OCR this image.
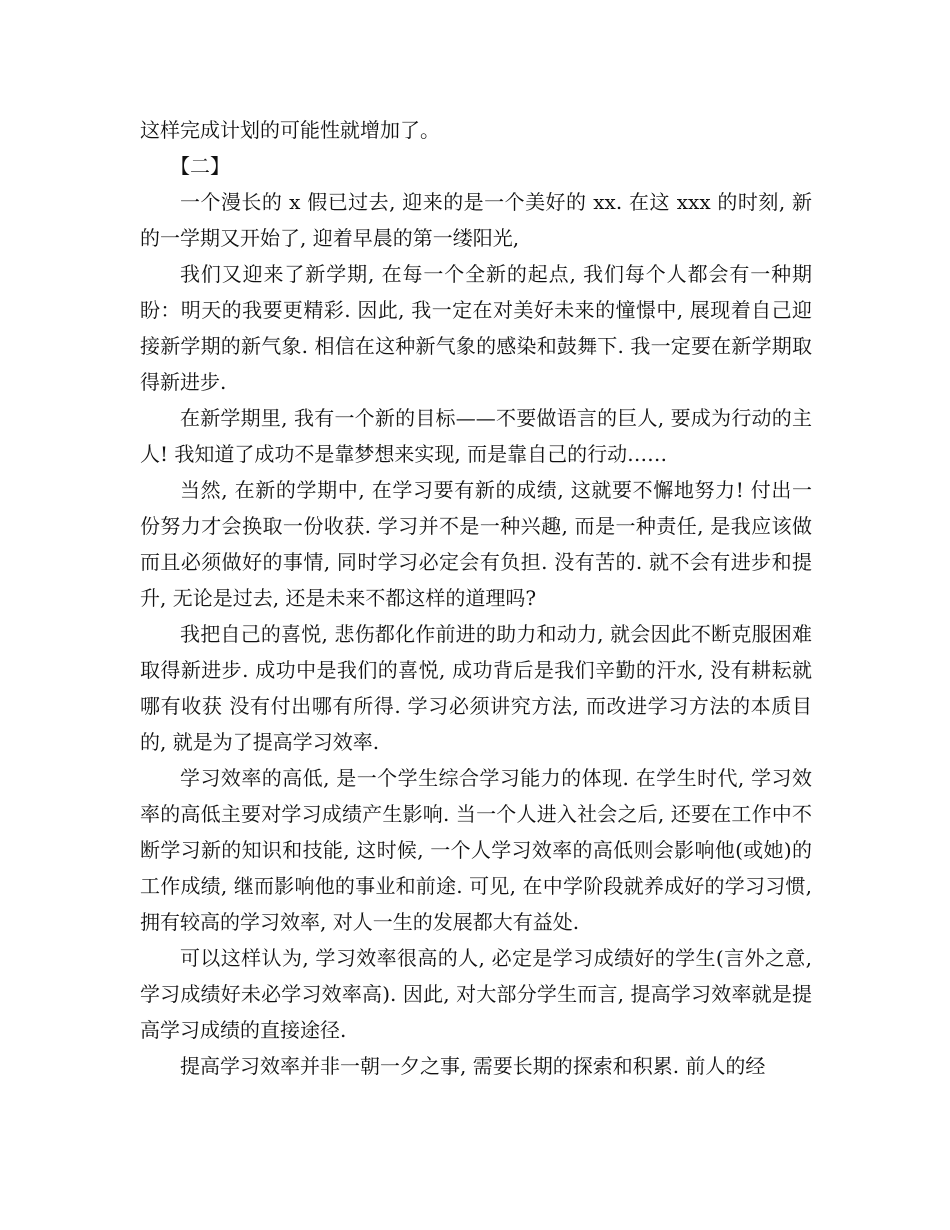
这样完成计划的可能性就增加了。

【二】

一个漫长的 x 假已过去, 迎来的是一个美好的 xx. 在这 xxx 的时刻, 新的一学期又开始了, 迎着早晨的第一缕阳光,

我们又迎来了新学期, 在每一个全新的起点, 我们每个人都会有一种期盼：明天的我要更精彩. 因此, 我一定在对美好未来的憧憬中, 展现着自己迎接新学期的新气象. 相信在这种新气象的感染和鼓舞下. 我一定要在新学期取得新进步.

在新学期里, 我有一个新的目标——不要做语言的巨人, 要成为行动的主人! 我知道了成功不是靠梦想来实现, 而是靠自己的行动……

当然, 在新的学期中, 在学习要有新的成绩, 这就要不懈地努力! 付出一份努力才会换取一份收获. 学习并不是一种兴趣, 而是一种责任, 是我应该做而且必须做好的事情, 同时学习必定会有负担. 没有苦的. 就不会有进步和提升, 无论是过去, 还是未来不都这样的道理吗?

我把自己的喜悦, 悲伤都化作前进的助力和动力, 就会因此不断克服困难取得新进步. 成功中是我们的喜悦, 成功背后是我们辛勤的汗水, 没有耕耘就哪有收获 没有付出哪有所得. 学习必须讲究方法, 而改进学习方法的本质目的, 就是为了提高学习效率.

学习效率的高低, 是一个学生综合学习能力的体现. 在学生时代, 学习效率的高低主要对学习成绩产生影响. 当一个人进入社会之后, 还要在工作中不断学习新的知识和技能, 这时候, 一个人学习效率的高低则会影响他(或她)的工作成绩, 继而影响他的事业和前途. 可见, 在中学阶段就养成好的学习习惯, 拥有较高的学习效率, 对人一生的发展都大有益处.

可以这样认为, 学习效率很高的人, 必定是学习成绩好的学生(言外之意, 学习成绩好未必学习效率高). 因此, 对大部分学生而言, 提高学习效率就是提高学习成绩的直接途径.

提高学习效率并非一朝一夕之事, 需要长期的探索和积累. 前人的经
